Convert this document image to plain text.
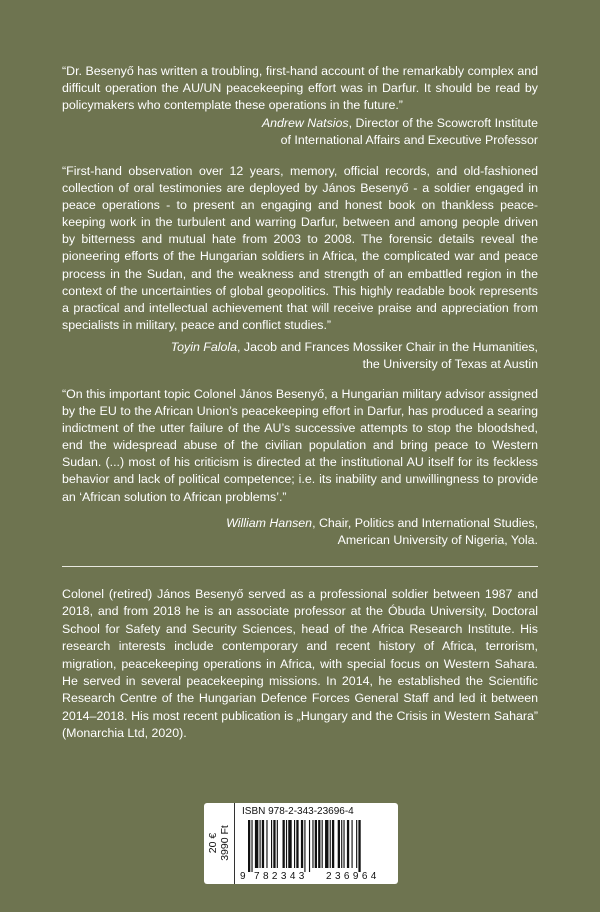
“Dr. Besenyő has written a troubling, first-hand account of the remarkably complex and difficult operation the AU/UN peacekeeping effort was in Darfur. It should be read by policymakers who contemplate these operations in the future.”
Andrew Natsios, Director of the Scowcroft Institute
of International Affairs and Executive Professor
“First-hand observation over 12 years, memory, official records, and old-fashioned collection of oral testimonies are deployed by János Besenyő - a soldier engaged in peace operations - to present an engaging and honest book on thankless peace-keeping work in the turbulent and warring Darfur, between and among people driven by bitterness and mutual hate from 2003 to 2008. The forensic details reveal the pioneering efforts of the Hungarian soldiers in Africa, the complicated war and peace process in the Sudan, and the weakness and strength of an embattled region in the context of the uncertainties of global geopolitics. This highly readable book represents a practical and intellectual achievement that will receive praise and appreciation from specialists in military, peace and conflict studies.”
Toyin Falola, Jacob and Frances Mossiker Chair in the Humanities,
the University of Texas at Austin
“On this important topic Colonel János Besenyő, a Hungarian military advisor assigned by the EU to the African Union’s peacekeeping effort in Darfur, has produced a searing indictment of the utter failure of the AU’s successive attempts to stop the bloodshed, end the widespread abuse of the civilian population and bring peace to Western Sudan. (...) most of his criticism is directed at the institutional AU itself for its feckless behavior and lack of political competence; i.e. its inability and unwillingness to provide an ‘African solution to African problems’.”
William Hansen, Chair, Politics and International Studies,
American University of Nigeria, Yola.
Colonel (retired) János Besenyő served as a professional soldier between 1987 and 2018, and from 2018 he is an associate professor at the Óbuda University, Doctoral School for Safety and Security Sciences, head of the Africa Research Institute. His research interests include contemporary and recent history of Africa, terrorism, migration, peacekeeping operations in Africa, with special focus on Western Sahara. He served in several peacekeeping missions. In 2014, he established the Scientific Research Centre of the Hungarian Defence Forces General Staff and led it between 2014–2018. His most recent publication is „Hungary and the Crisis in Western Sahara” (Monarchia Ltd, 2020).
20 €
3990 Ft
ISBN 978-2-343-23696-4
9 782343 236964
